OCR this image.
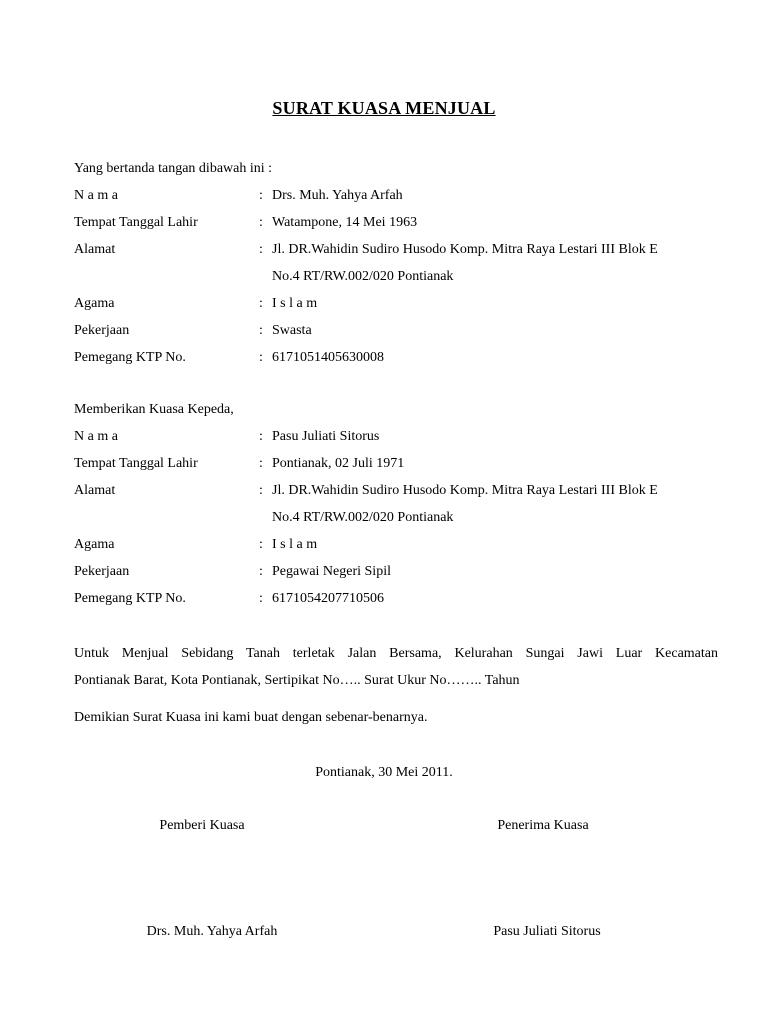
SURAT KUASA MENJUAL
Yang bertanda tangan dibawah ini :
N a m a	: Drs. Muh. Yahya Arfah
Tempat Tanggal Lahir	: Watampone, 14 Mei 1963
Alamat	: Jl. DR.Wahidin Sudiro Husodo Komp. Mitra Raya Lestari III Blok E
No.4 RT/RW.002/020 Pontianak
Agama	: I s l a m
Pekerjaan	: Swasta
Pemegang KTP No.	: 6171051405630008
Memberikan Kuasa Kepeda,
N a m a	: Pasu Juliati Sitorus
Tempat Tanggal Lahir	: Pontianak, 02 Juli 1971
Alamat	: Jl. DR.Wahidin Sudiro Husodo Komp. Mitra Raya Lestari III Blok E
No.4 RT/RW.002/020 Pontianak
Agama	: I s l a m
Pekerjaan	: Pegawai Negeri Sipil
Pemegang KTP No.	: 6171054207710506
Untuk Menjual Sebidang Tanah terletak Jalan Bersama, Kelurahan Sungai Jawi Luar Kecamatan
Pontianak Barat, Kota Pontianak, Sertipikat No….. Surat Ukur No…….. Tahun
Demikian Surat Kuasa ini kami buat dengan sebenar-benarnya.
Pontianak, 30 Mei 2011.
Pemberi Kuasa	Penerima Kuasa
Drs. Muh. Yahya Arfah	Pasu Juliati Sitorus
